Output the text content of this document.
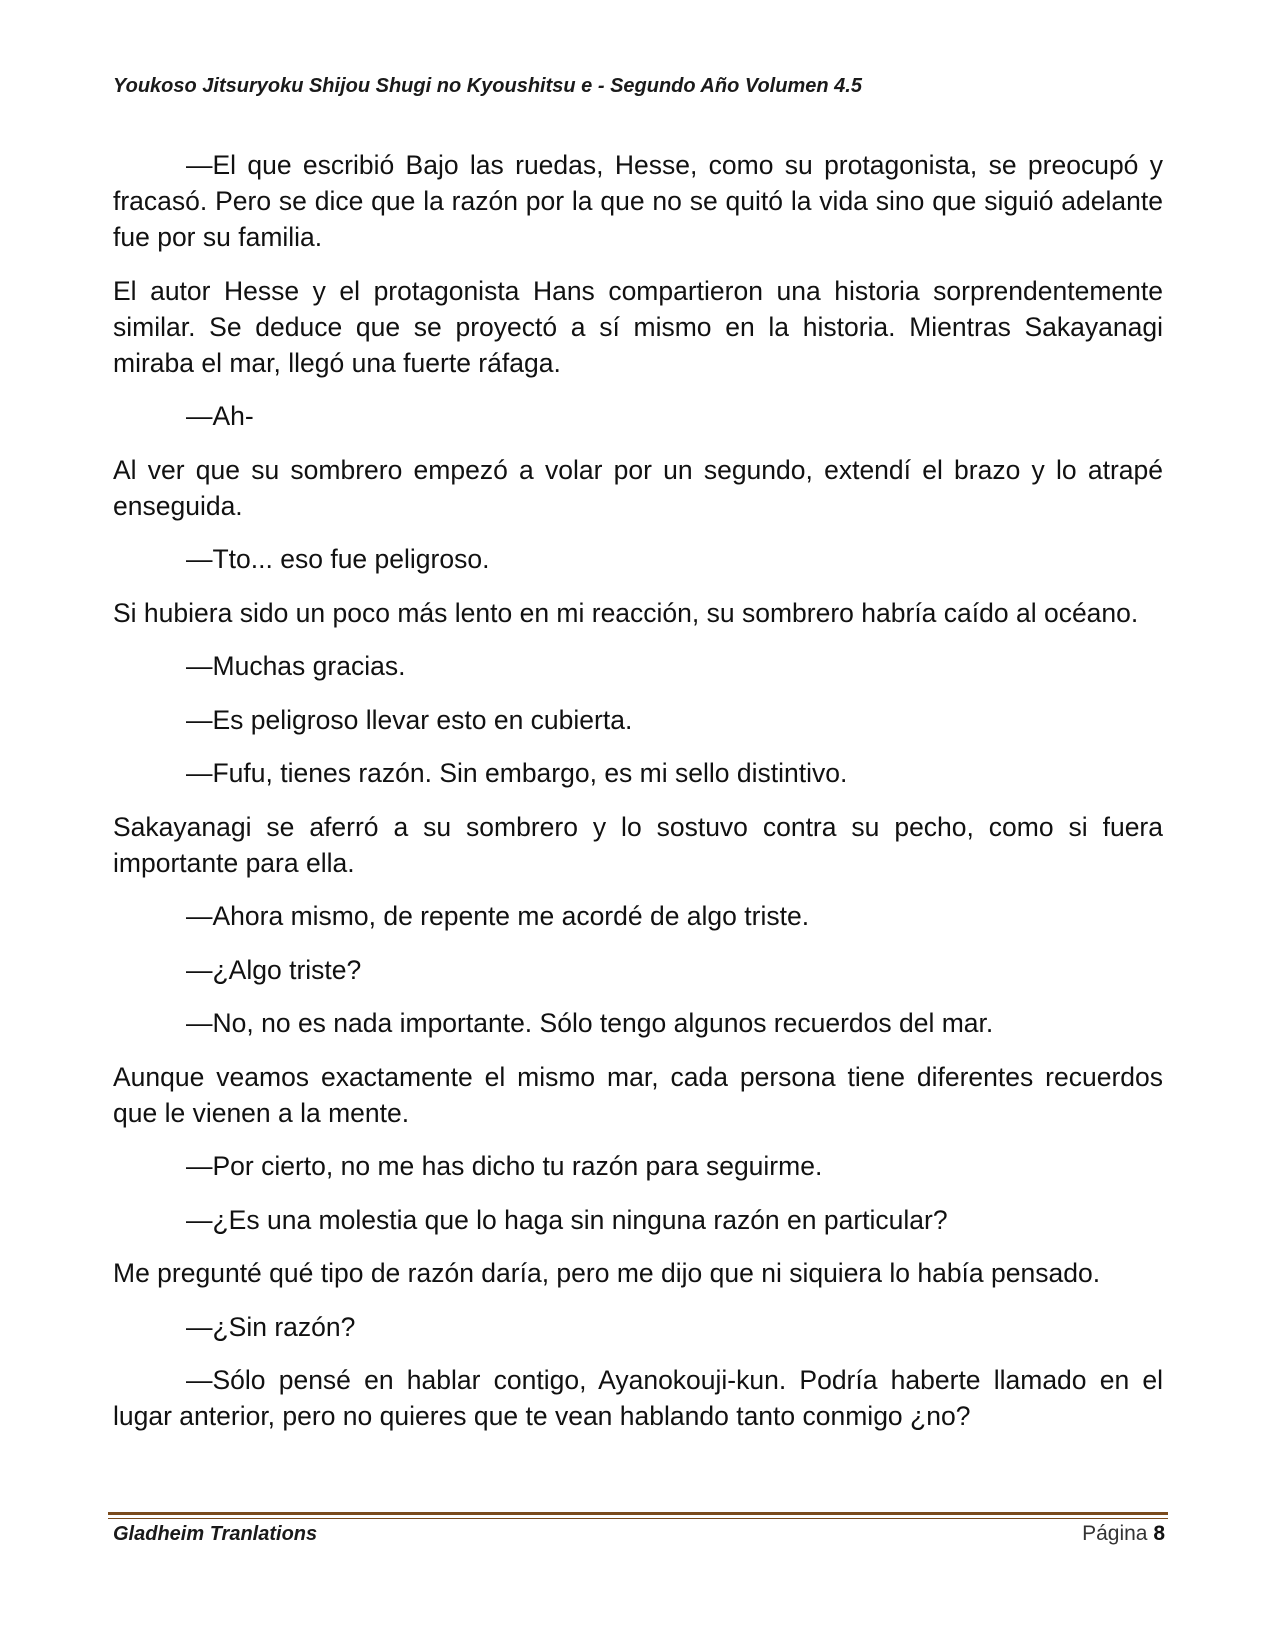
Youkoso Jitsuryoku Shijou Shugi no Kyoushitsu e - Segundo Año Volumen 4.5

—El que escribió Bajo las ruedas, Hesse, como su protagonista, se preocupó y fracasó. Pero se dice que la razón por la que no se quitó la vida sino que siguió adelante fue por su familia.

El autor Hesse y el protagonista Hans compartieron una historia sorprendentemente similar. Se deduce que se proyectó a sí mismo en la historia. Mientras Sakayanagi miraba el mar, llegó una fuerte ráfaga.

—Ah-

Al ver que su sombrero empezó a volar por un segundo, extendí el brazo y lo atrapé enseguida.

—Tto... eso fue peligroso.

Si hubiera sido un poco más lento en mi reacción, su sombrero habría caído al océano.

—Muchas gracias.

—Es peligroso llevar esto en cubierta.

—Fufu, tienes razón. Sin embargo, es mi sello distintivo.

Sakayanagi se aferró a su sombrero y lo sostuvo contra su pecho, como si fuera importante para ella.

—Ahora mismo, de repente me acordé de algo triste.

—¿Algo triste?

—No, no es nada importante. Sólo tengo algunos recuerdos del mar.

Aunque veamos exactamente el mismo mar, cada persona tiene diferentes recuerdos que le vienen a la mente.

—Por cierto, no me has dicho tu razón para seguirme.

—¿Es una molestia que lo haga sin ninguna razón en particular?

Me pregunté qué tipo de razón daría, pero me dijo que ni siquiera lo había pensado.

—¿Sin razón?

—Sólo pensé en hablar contigo, Ayanokouji-kun. Podría haberte llamado en el lugar anterior, pero no quieres que te vean hablando tanto conmigo ¿no?

Gladheim Tranlations	Página 8
